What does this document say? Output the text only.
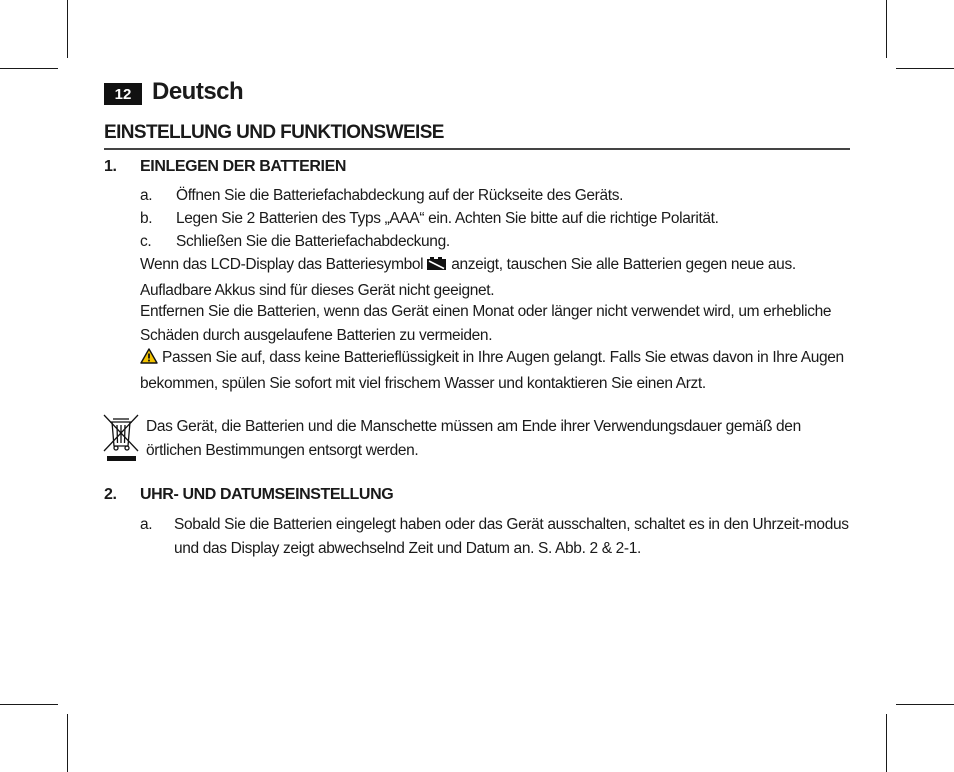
12 Deutsch
EINSTELLUNG UND FUNKTIONSWEISE
1. EINLEGEN DER BATTERIEN
a. Öffnen Sie die Batteriefachabdeckung auf der Rückseite des Geräts.
b. Legen Sie 2 Batterien des Typs „AAA“ ein. Achten Sie bitte auf die richtige Polarität.
c. Schließen Sie die Batteriefachabdeckung.
Wenn das LCD-Display das Batteriesymbol  anzeigt, tauschen Sie alle Batterien gegen neue aus. Aufladbare Akkus sind für dieses Gerät nicht geeignet.
Entfernen Sie die Batterien, wenn das Gerät einen Monat oder länger nicht verwendet wird, um erhebliche Schäden durch ausgelaufene Batterien zu vermeiden.
Passen Sie auf, dass keine Batterieflüssigkeit in Ihre Augen gelangt. Falls Sie etwas davon in Ihre Augen bekommen, spülen Sie sofort mit viel frischem Wasser und kontaktieren Sie einen Arzt.
Das Gerät, die Batterien und die Manschette müssen am Ende ihrer Verwendungsdauer gemäß den örtlichen Bestimmungen entsorgt werden.
2. UHR- UND DATUMSEINSTELLUNG
a.	Sobald Sie die Batterien eingelegt haben oder das Gerät ausschalten, schaltet es in den Uhrzeit-modus und das Display zeigt abwechselnd Zeit und Datum an. S. Abb. 2 & 2-1.
